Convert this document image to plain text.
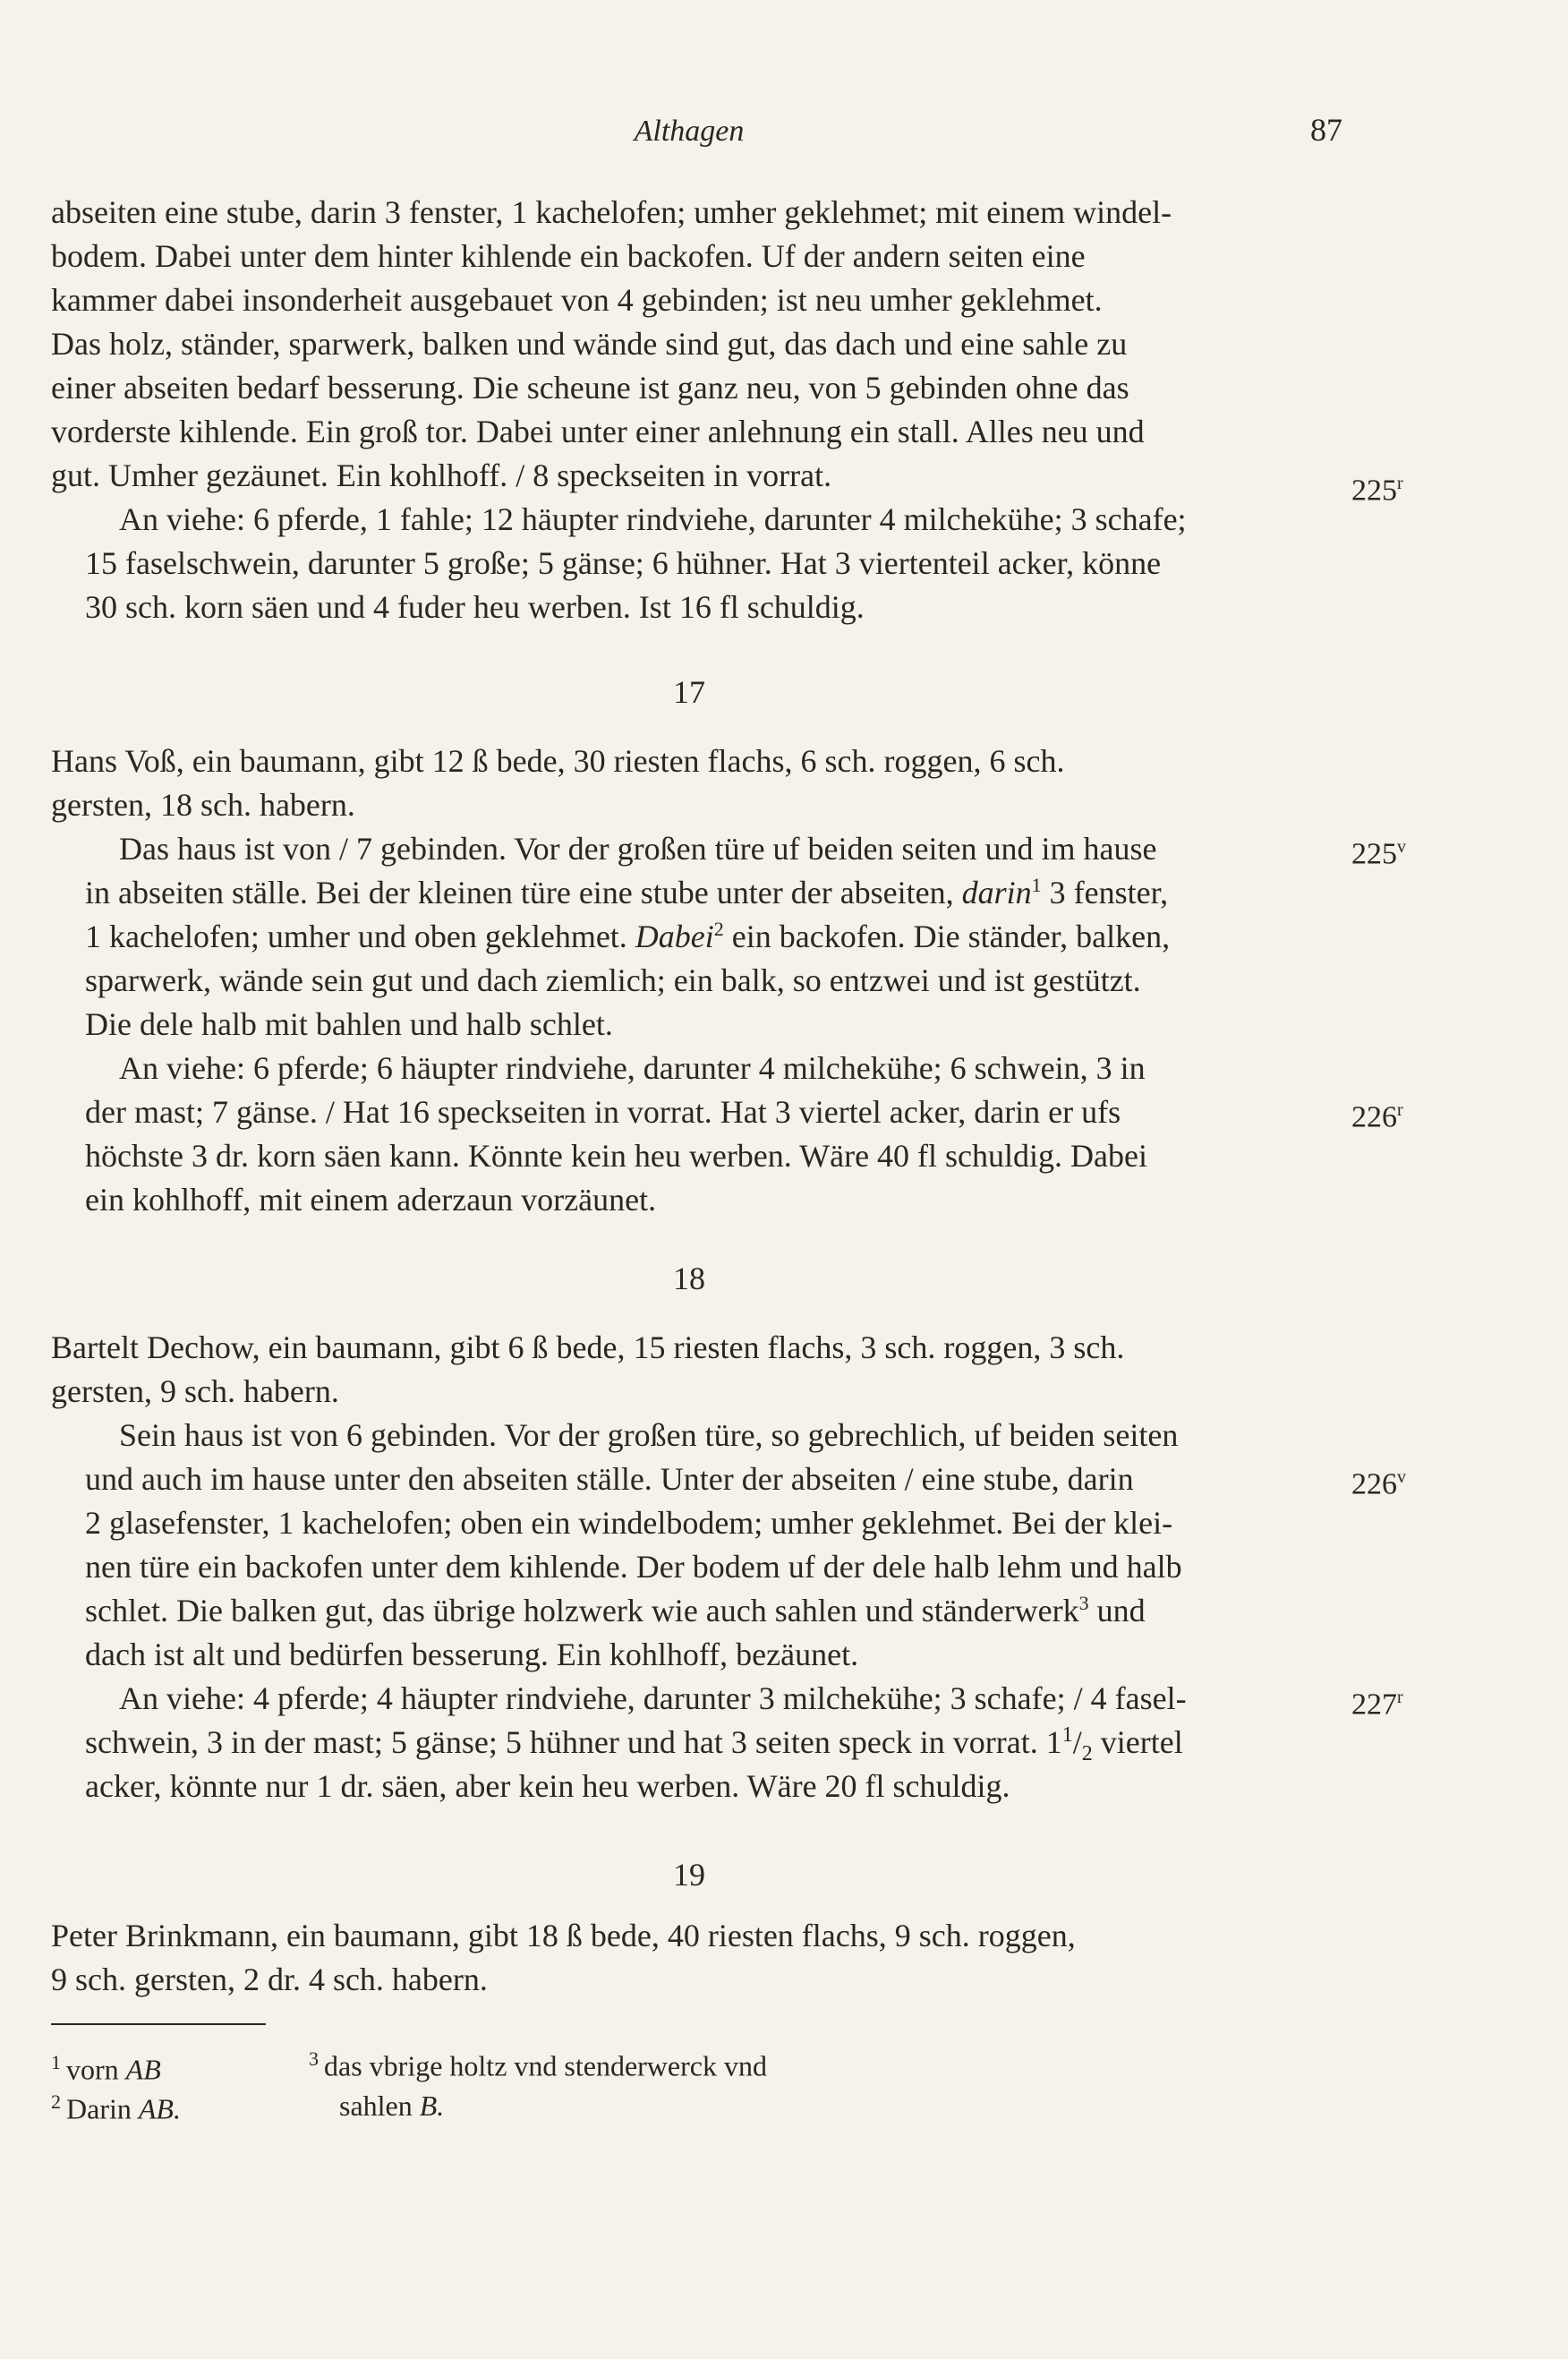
Althagen	87

abseiten eine stube, darin 3 fenster, 1 kachelofen; umher geklehmet; mit einem windel- bodem. Dabei unter dem hinter kihlende ein backofen. Uf der andern seiten eine kammer dabei insonderheit ausgebauet von 4 gebinden; ist neu umher geklehmet. Das holz, ständer, sparwerk, balken und wände sind gut, das dach und eine sahle zu einer abseiten bedarf besserung. Die scheune ist ganz neu, von 5 gebinden ohne das vorderste kihlende. Ein groß tor. Dabei unter einer anlehnung ein stall. Alles neu und gut. Umher gezäunet. Ein kohlhoff. / 8 speckseiten in vorrat.

An viehe: 6 pferde, 1 fahle; 12 häupter rindviehe, darunter 4 milchekühe; 3 schafe; 15 faselschwein, darunter 5 große; 5 gänse; 6 hühner. Hat 3 viertenteil acker, könne 30 sch. korn säen und 4 fuder heu werben. Ist 16 fl schuldig.

17

Hans Voß, ein baumann, gibt 12 ß bede, 30 riesten flachs, 6 sch. roggen, 6 sch. gersten, 18 sch. habern.

Das haus ist von / 7 gebinden. Vor der großen türe uf beiden seiten und im hause in abseiten ställe. Bei der kleinen türe eine stube unter der abseiten, darin$^1$ 3 fenster, 1 kachelofen; umher und oben geklehmet. Dabei$^2$ ein backofen. Die ständer, balken, sparwerk, wände sein gut und dach ziemlich; ein balk, so entzwei und ist gestützt. Die dele halb mit bahlen und halb schlet.

An viehe: 6 pferde; 6 häupter rindviehe, darunter 4 milchekühe; 6 schwein, 3 in der mast; 7 gänse. / Hat 16 speckseiten in vorrat. Hat 3 viertel acker, darin er ufs höchste 3 dr. korn säen kann. Könnte kein heu werben. Wäre 40 fl schuldig. Dabei ein kohlhoff, mit einem aderzaun vorzäunet.

18

Bartelt Dechow, ein baumann, gibt 6 ß bede, 15 riesten flachs, 3 sch. roggen, 3 sch. gersten, 9 sch. habern.

Sein haus ist von 6 gebinden. Vor der großen türe, so gebrechlich, uf beiden seiten und auch im hause unter den abseiten ställe. Unter der abseiten / eine stube, darin 2 glasefenster, 1 kachelofen; oben ein windelbodem; umher geklehmet. Bei der klei- nen türe ein backofen unter dem kihlende. Der bodem uf der dele halb lehm und halb schlet. Die balken gut, das übrige holzwerk wie auch sahlen und ständerwerk$^3$ und dach ist alt und bedürfen besserung. Ein kohlhoff, bezäunet.

An viehe: 4 pferde; 4 häupter rindviehe, darunter 3 milchekühe; 3 schafe; / 4 fasel- schwein, 3 in der mast; 5 gänse; 5 hühner und hat 3 seiten speck in vorrat. $1^1/_2$ viertel acker, könnte nur 1 dr. säen, aber kein heu werben. Wäre 20 fl schuldig.

19

Peter Brinkmann, ein baumann, gibt 18 ß bede, 40 riesten flachs, 9 sch. roggen, 9 sch. gersten, 2 dr. 4 sch. habern.

225$^r$
225$^v$
226$^r$
226$^v$
227$^r$
$^1$ vorn AB
$^2$ Darin AB.
$^3$ das vbrige holtz vnd stenderwerck vnd
sahlen B.
